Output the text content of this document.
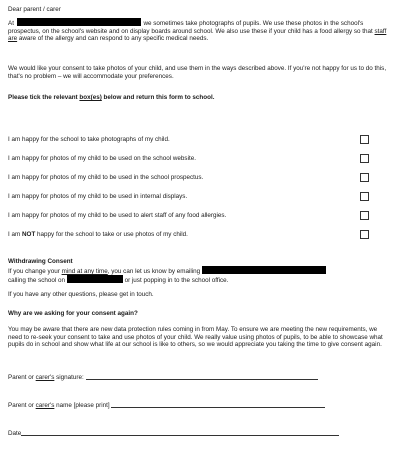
Dear parent / carer

At	we sometimes take photographs of pupils. We use these photos in the school's prospectus, on the school's website and on display boards around school. We also use these if your child has a food allergy so that staff are aware of the allergy and can respond to any specific medical needs.

We would like your consent to take photos of your child, and use them in the ways described above. If you're not happy for us to do this, that's no problem – we will accommodate your preferences.

Please tick the relevant box(es) below and return this form to school.

I am happy for the school to take photographs of my child.
I am happy for photos of my child to be used on the school website.
I am happy for photos of my child to be used in the school prospectus.
I am happy for photos of my child to be used in internal displays.
I am happy for photos of my child to be used to alert staff of any food allergies.
I am NOT happy for the school to take or use photos of my child.

Withdrawing Consent

If you change your mind at any time, you can let us know by emailing
calling the school on	or just popping in to the school office.

If you have any other questions, please get in touch.

Why are we asking for your consent again?

You may be aware that there are new data protection rules coming in from May. To ensure we are meeting the new requirements, we need to re-seek your consent to take and use photos of your child. We really value using photos of pupils, to be able to showcase what pupils do in school and show what life at our school is like to others, so we would appreciate you taking the time to give consent again.

Parent or carer's signature:
Parent or carer's name [please print]
Date
